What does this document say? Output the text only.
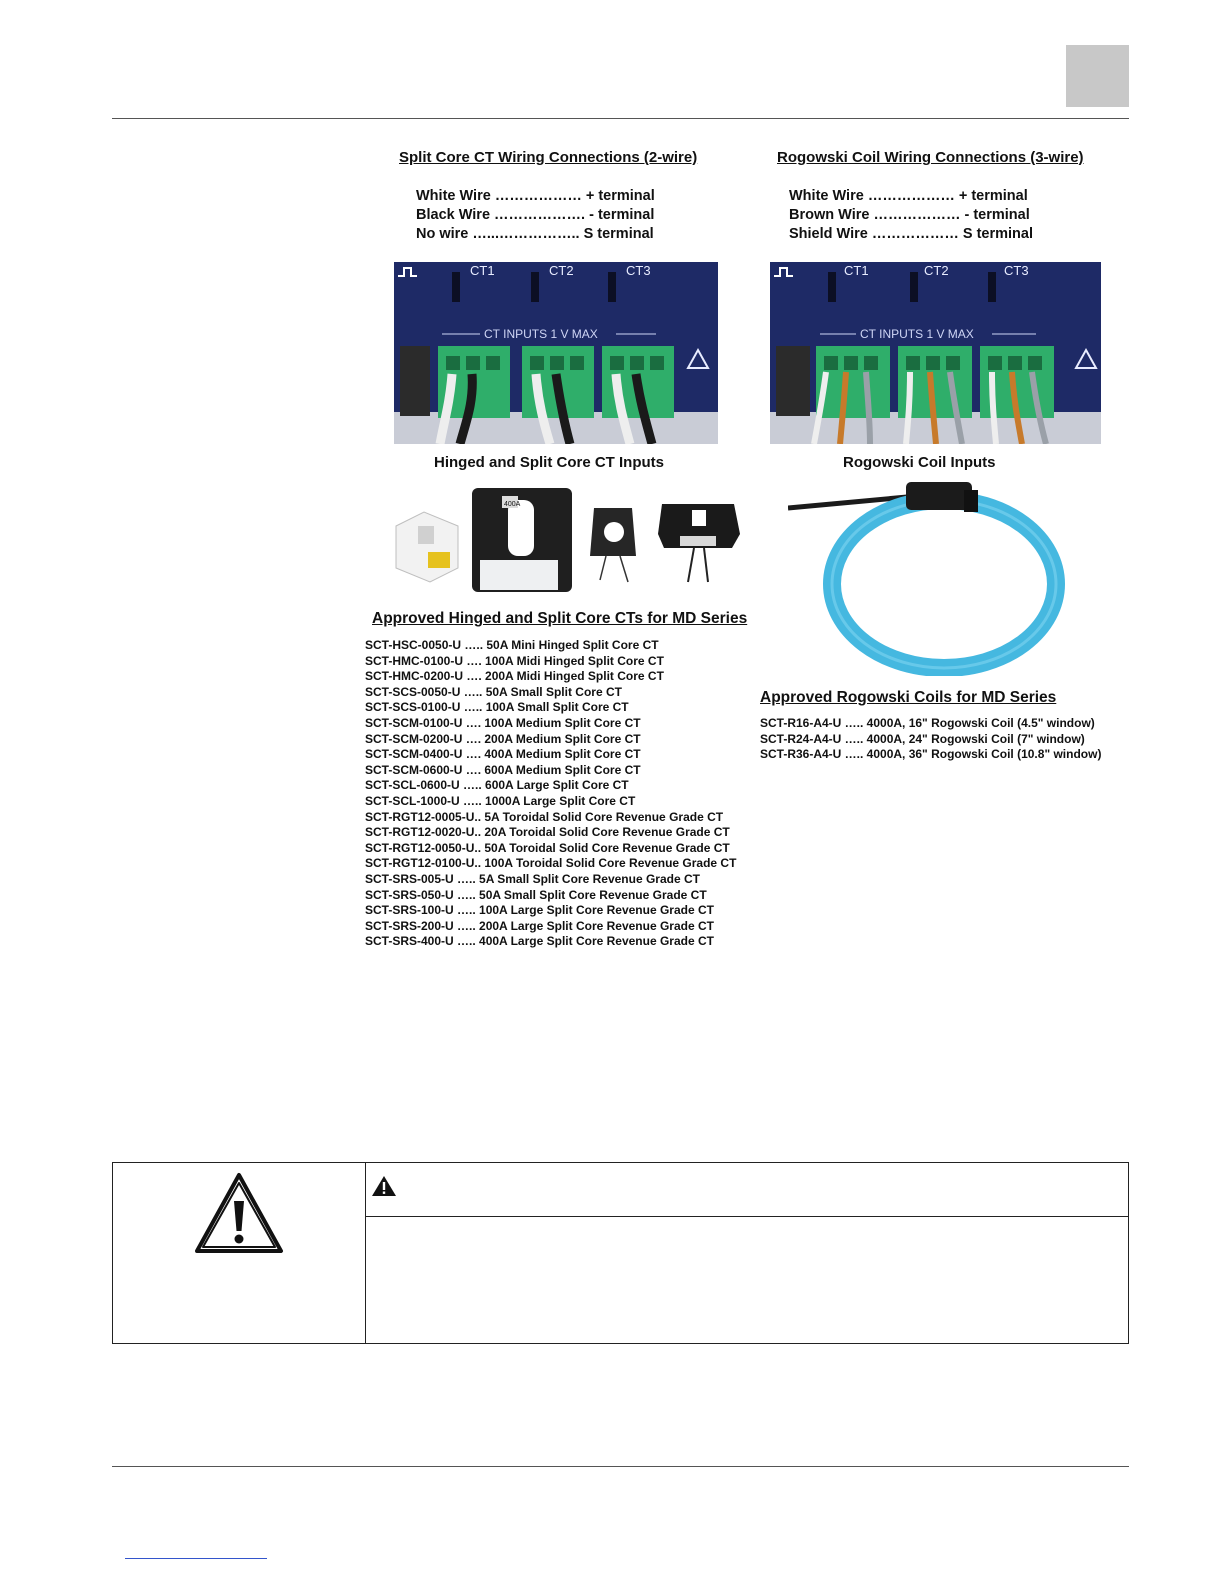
Split Core CT Wiring Connections (2-wire)
White Wire ……………… + terminal
Black Wire ………………. - terminal
No wire …...…………….. S terminal
Rogowski Coil Wiring Connections (3-wire)
White Wire ……………… + terminal
Brown Wire ……………… - terminal
Shield Wire ……………… S terminal
CT1	CT2	CT3
CT INPUTS 1 V MAX
CT1	CT2	CT3
CT INPUTS 1 V MAX
Hinged and Split Core CT Inputs	Rogowski Coil Inputs
400A
Approved Hinged and Split Core CTs for MD Series
SCT-HSC-0050-U ….. 50A Mini Hinged Split Core CT
SCT-HMC-0100-U …. 100A Midi Hinged Split Core CT
SCT-HMC-0200-U …. 200A Midi Hinged Split Core CT
SCT-SCS-0050-U ….. 50A Small Split Core CT
SCT-SCS-0100-U ….. 100A Small Split Core CT
SCT-SCM-0100-U …. 100A Medium Split Core CT
SCT-SCM-0200-U …. 200A Medium Split Core CT
SCT-SCM-0400-U …. 400A Medium Split Core CT
SCT-SCM-0600-U …. 600A Medium Split Core CT
SCT-SCL-0600-U ….. 600A Large Split Core CT
SCT-SCL-1000-U ….. 1000A Large Split Core CT
SCT-RGT12-0005-U.. 5A Toroidal Solid Core Revenue Grade CT
SCT-RGT12-0020-U.. 20A Toroidal Solid Core Revenue Grade CT
SCT-RGT12-0050-U.. 50A Toroidal Solid Core Revenue Grade CT
SCT-RGT12-0100-U.. 100A Toroidal Solid Core Revenue Grade CT
SCT-SRS-005-U ….. 5A Small Split Core Revenue Grade CT
SCT-SRS-050-U ….. 50A Small Split Core Revenue Grade CT
SCT-SRS-100-U ….. 100A Large Split Core Revenue Grade CT
SCT-SRS-200-U ….. 200A Large Split Core Revenue Grade CT
SCT-SRS-400-U ….. 400A Large Split Core Revenue Grade CT
Approved Rogowski Coils for MD Series
SCT-R16-A4-U ….. 4000A, 16" Rogowski Coil (4.5" window)
SCT-R24-A4-U ….. 4000A, 24" Rogowski Coil (7" window)
SCT-R36-A4-U ….. 4000A, 36" Rogowski Coil (10.8" window)
